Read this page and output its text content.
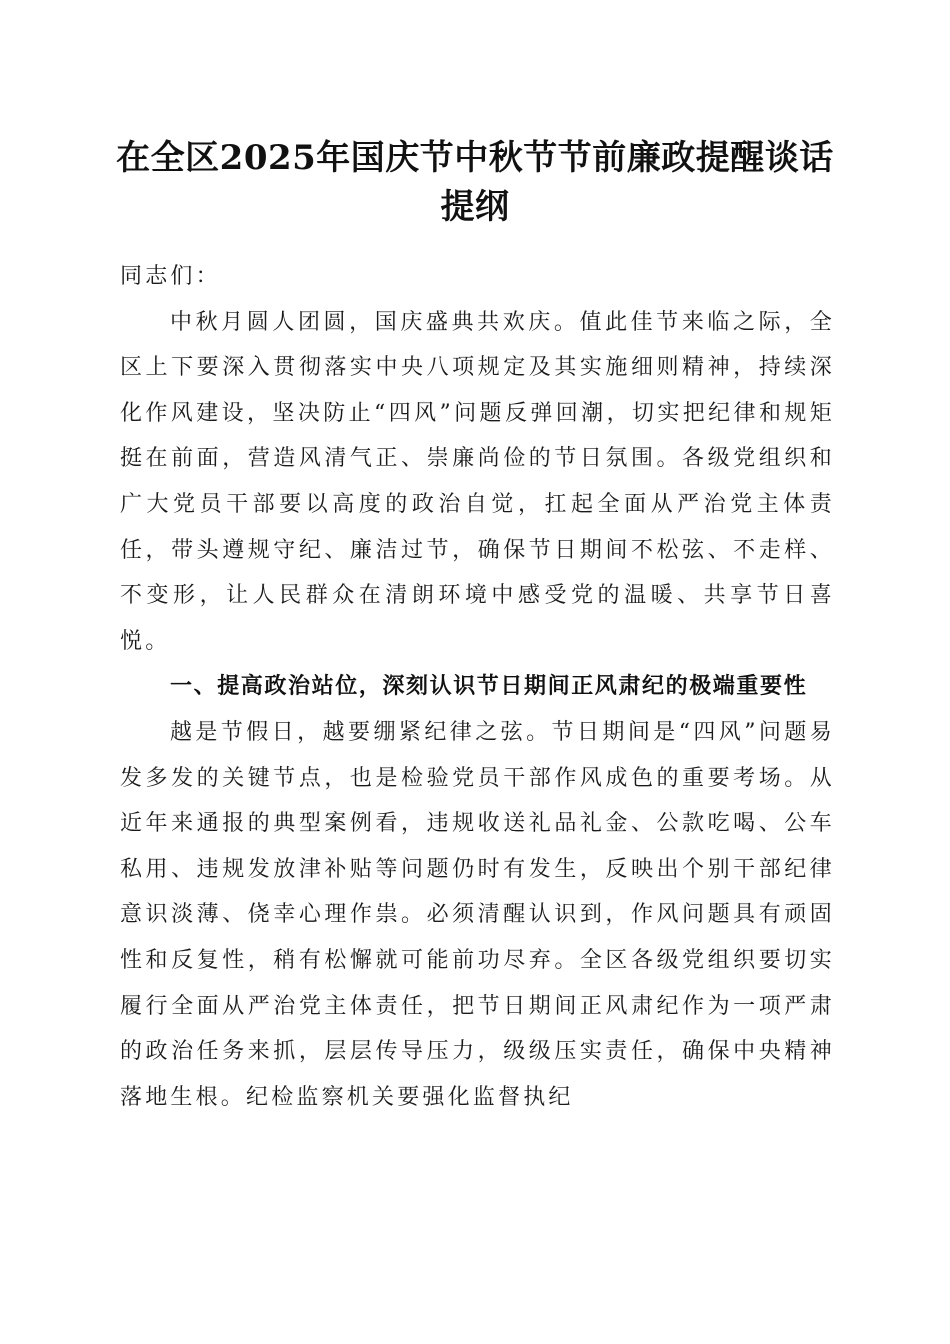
在全区2025年国庆节中秋节节前廉政提醒谈话提纲

同志们：

中秋月圆人团圆，国庆盛典共欢庆。值此佳节来临之际，全区上下要深入贯彻落实中央八项规定及其实施细则精神，持续深化作风建设，坚决防止“四风”问题反弹回潮，切实把纪律和规矩挺在前面，营造风清气正、崇廉尚俭的节日氛围。各级党组织和广大党员干部要以高度的政治自觉，扛起全面从严治党主体责任，带头遵规守纪、廉洁过节，确保节日期间不松弦、不走样、不变形，让人民群众在清朗环境中感受党的温暖、共享节日喜悦。

一、提高政治站位，深刻认识节日期间正风肃纪的极端重要性

越是节假日，越要绷紧纪律之弦。节日期间是“四风”问题易发多发的关键节点，也是检验党员干部作风成色的重要考场。从近年来通报的典型案例看，违规收送礼品礼金、公款吃喝、公车私用、违规发放津补贴等问题仍时有发生，反映出个别干部纪律意识淡薄、侥幸心理作祟。必须清醒认识到，作风问题具有顽固性和反复性，稍有松懈就可能前功尽弃。全区各级党组织要切实履行全面从严治党主体责任，把节日期间正风肃纪作为一项严肃的政治任务来抓，层层传导压力，级级压实责任，确保中央精神落地生根。纪检监察机关要强化监督执纪
